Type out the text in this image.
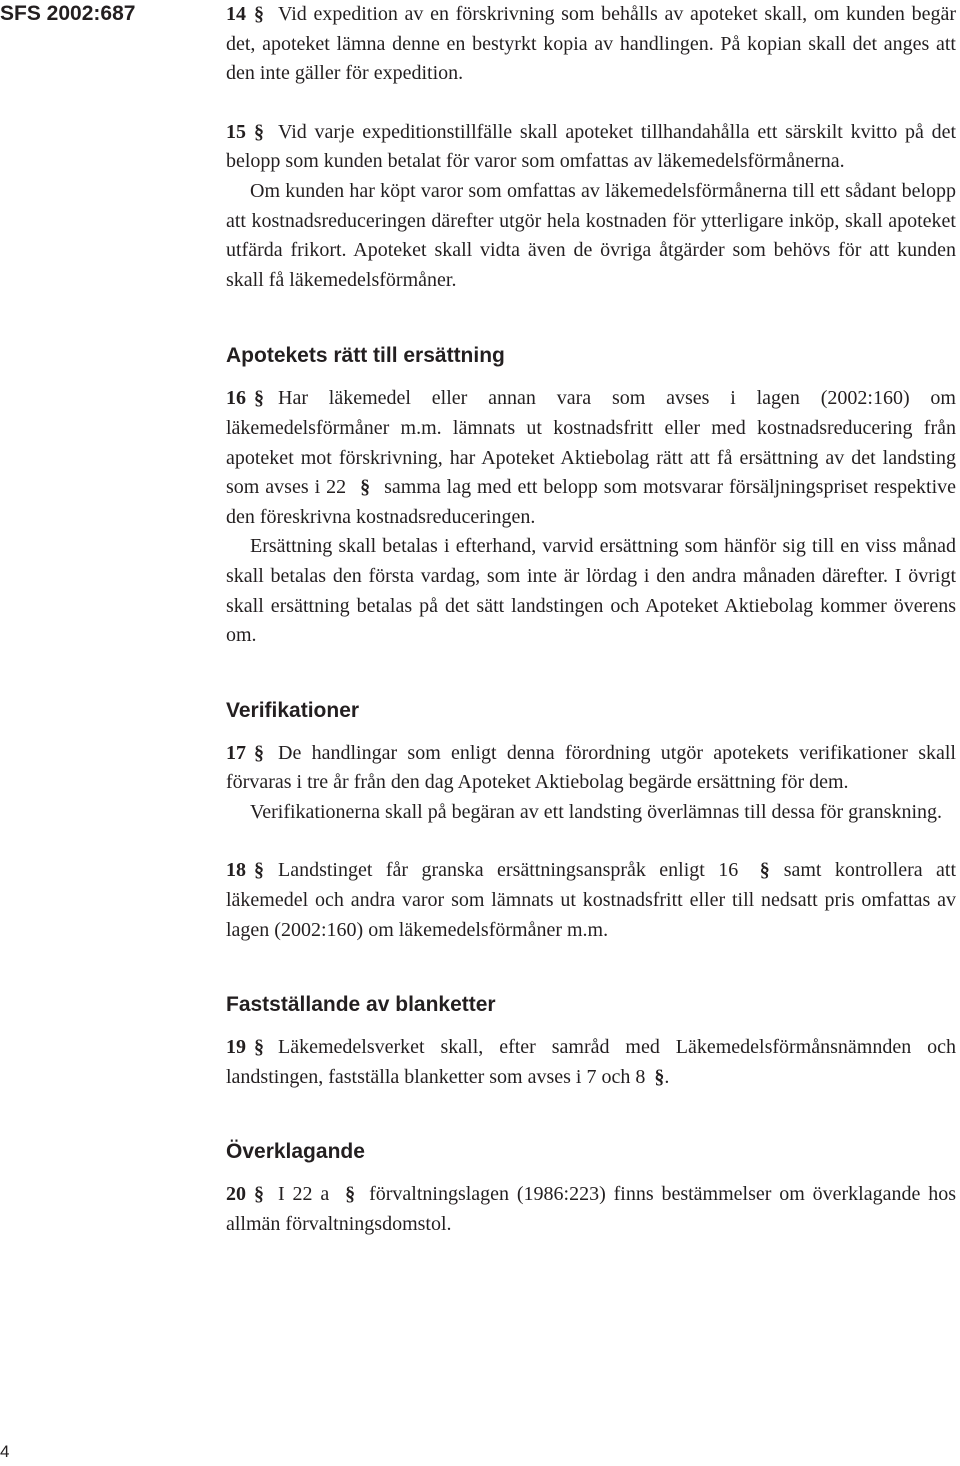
SFS 2002:687	14 § Vid expedition av en förskrivning som behålls av apoteket skall, om kunden begär det, apoteket lämna denne en bestyrkt kopia av handlingen. På kopian skall det anges att den inte gäller för expedition.

15 § Vid varje expeditionstillfälle skall apoteket tillhandahålla ett särskilt kvitto på det belopp som kunden betalat för varor som omfattas av läkemedelsförmånerna.

Om kunden har köpt varor som omfattas av läkemedelsförmånerna till ett sådant belopp att kostnadsreduceringen därefter utgör hela kostnaden för ytterligare inköp, skall apoteket utfärda frikort. Apoteket skall vidta även de övriga åtgärder som behövs för att kunden skall få läkemedelsförmåner.

Apotekets rätt till ersättning

16 § Har läkemedel eller annan vara som avses i lagen (2002:160) om läkemedelsförmåner m.m. lämnats ut kostnadsfritt eller med kostnadsreducering från apoteket mot förskrivning, har Apoteket Aktiebolag rätt att få ersättning av det landsting som avses i 22 § samma lag med ett belopp som motsvarar försäljningspriset respektive den föreskrivna kostnadsreduceringen.

Ersättning skall betalas i efterhand, varvid ersättning som hänför sig till en viss månad skall betalas den första vardag, som inte är lördag i den andra månaden därefter. I övrigt skall ersättning betalas på det sätt landstingen och Apoteket Aktiebolag kommer överens om.

Verifikationer

17 § De handlingar som enligt denna förordning utgör apotekets verifikationer skall förvaras i tre år från den dag Apoteket Aktiebolag begärde ersättning för dem.

Verifikationerna skall på begäran av ett landsting överlämnas till dessa för granskning.

18 § Landstinget får granska ersättningsanspråk enligt 16 § samt kontrollera att läkemedel och andra varor som lämnats ut kostnadsfritt eller till nedsatt pris omfattas av lagen (2002:160) om läkemedelsförmåner m.m.

Fastställande av blanketter

19 § Läkemedelsverket skall, efter samråd med Läkemedelsförmånsnämnden och landstingen, fastställa blanketter som avses i 7 och 8 §.

Överklagande

20 § I 22 a § förvaltningslagen (1986:223) finns bestämmelser om överklagande hos allmän förvaltningsdomstol.

4
